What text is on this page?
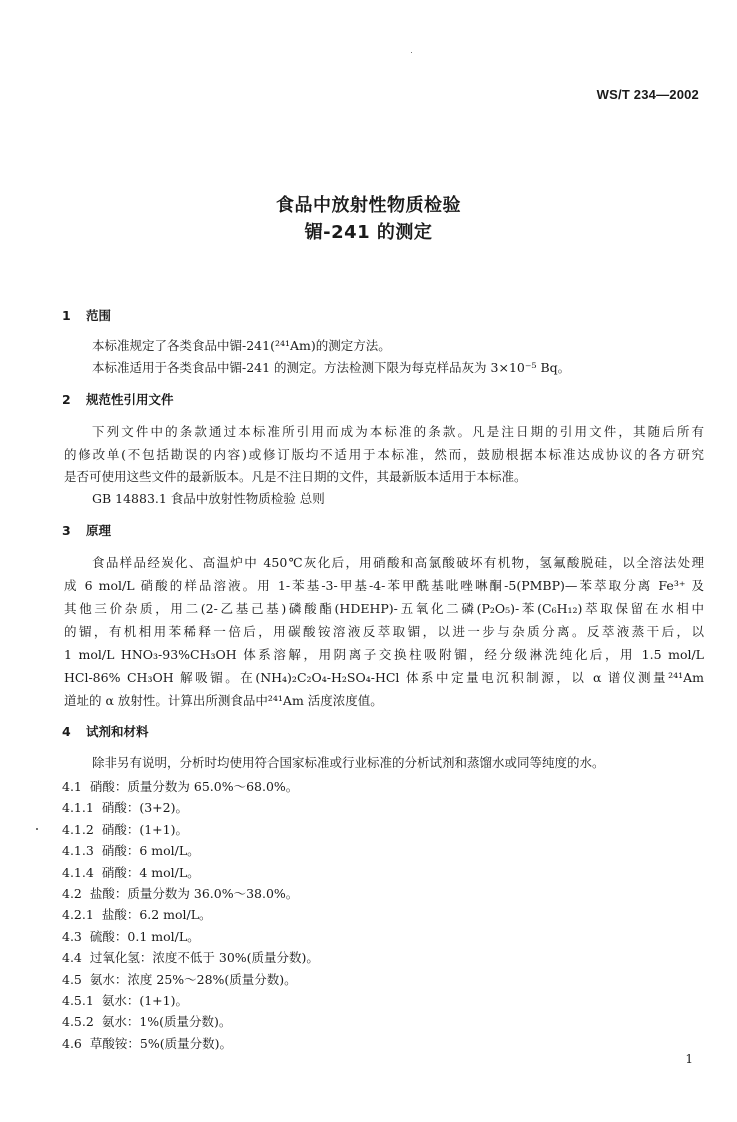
WS/T 234—2002
食品中放射性物质检验
镅-241 的测定
1 范围
本标准规定了各类食品中镅-241(²⁴¹Am)的测定方法。
本标准适用于各类食品中镅-241 的测定。方法检测下限为每克样品灰为 3×10⁻⁵ Bq。
2 规范性引用文件
下列文件中的条款通过本标准所引用而成为本标准的条款。凡是注日期的引用文件，其随后所有
的修改单(不包括勘误的内容)或修订版均不适用于本标准，然而，鼓励根据本标准达成协议的各方研究
是否可使用这些文件的最新版本。凡是不注日期的文件，其最新版本适用于本标准。
GB 14883.1 食品中放射性物质检验 总则
3 原理
食品样品经炭化、高温炉中 450℃灰化后，用硝酸和高氯酸破坏有机物，氢氟酸脱硅，以全溶法处理
成 6 mol/L 硝酸的样品溶液。用 1-苯基-3-甲基-4-苯甲酰基吡唑啉酮-5(PMBP)—苯萃取分离 Fe³⁺ 及
其他三价杂质，用二(2-乙基己基)磷酸酯(HDEHP)-五氧化二磷(P₂O₅)-苯(C₆H₁₂)萃取保留在水相中
的镅，有机相用苯稀释一倍后，用碳酸铵溶液反萃取镅，以进一步与杂质分离。反萃液蒸干后，以
1 mol/L HNO₃-93%CH₃OH 体系溶解，用阴离子交换柱吸附镅，经分级淋洗纯化后，用 1.5 mol/L
HCl-86% CH₃OH 解吸镅。在(NH₄)₂C₂O₄-H₂SO₄-HCl 体系中定量电沉积制源，以 α 谱仪测量²⁴¹Am
道址的 α 放射性。计算出所测食品中²⁴¹Am 活度浓度值。
4 试剂和材料
除非另有说明，分析时均使用符合国家标准或行业标准的分析试剂和蒸馏水或同等纯度的水。
4.1 硝酸：质量分数为 65.0%～68.0%。
4.1.1 硝酸：(3+2)。
4.1.2 硝酸：(1+1)。
4.1.3 硝酸：6 mol/L。
4.1.4 硝酸：4 mol/L。
4.2 盐酸：质量分数为 36.0%～38.0%。
4.2.1 盐酸：6.2 mol/L。
4.3 硫酸：0.1 mol/L。
4.4 过氧化氢：浓度不低于 30%(质量分数)。
4.5 氨水：浓度 25%～28%(质量分数)。
4.5.1 氨水：(1+1)。
4.5.2 氨水：1%(质量分数)。
4.6 草酸铵：5%(质量分数)。
1
